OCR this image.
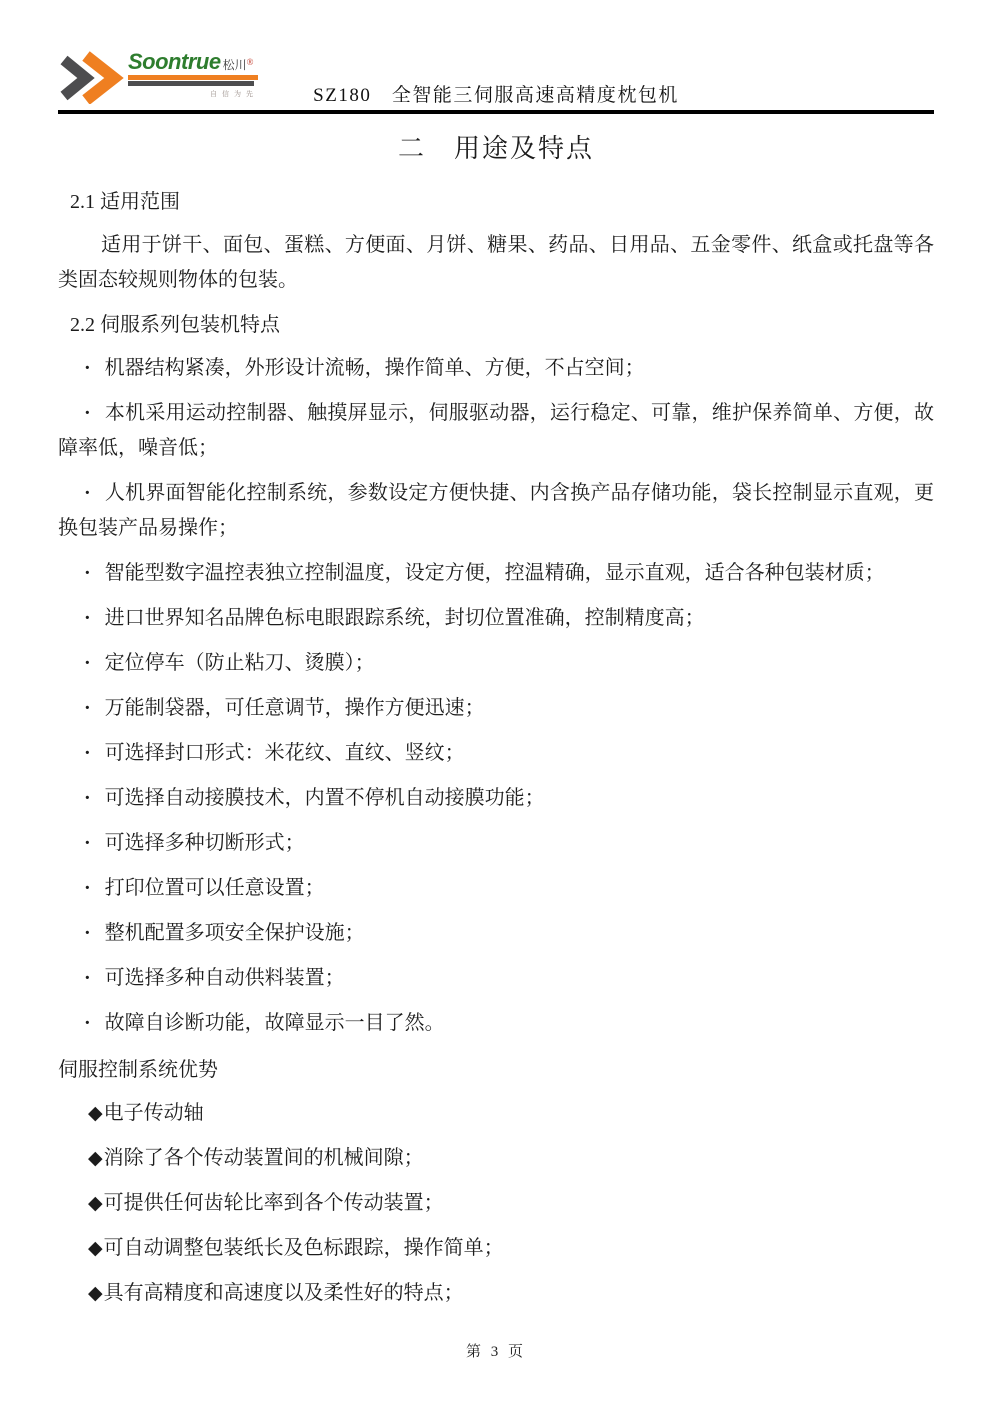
Soontrue 松川®
自信为先	SZ180　全智能三伺服高速高精度枕包机
二　用途及特点
2.1 适用范围

适用于饼干、面包、蛋糕、方便面、月饼、糖果、药品、日用品、五金零件、纸盒或托盘等各类固态较规则物体的包装。

2.2 伺服系列包装机特点
· 机器结构紧凑，外形设计流畅，操作简单、方便，不占空间；
· 本机采用运动控制器、触摸屏显示，伺服驱动器，运行稳定、可靠，维护保养简单、方便，故障率低，噪音低；
· 人机界面智能化控制系统，参数设定方便快捷、内含换产品存储功能，袋长控制显示直观，更换包装产品易操作；
· 智能型数字温控表独立控制温度，设定方便，控温精确，显示直观，适合各种包装材质；
· 进口世界知名品牌色标电眼跟踪系统，封切位置准确，控制精度高；
· 定位停车（防止粘刀、烫膜）；
· 万能制袋器，可任意调节，操作方便迅速；
· 可选择封口形式：米花纹、直纹、竖纹；
· 可选择自动接膜技术，内置不停机自动接膜功能；
· 可选择多种切断形式；
· 打印位置可以任意设置；
· 整机配置多项安全保护设施；
· 可选择多种自动供料装置；
· 故障自诊断功能，故障显示一目了然。
伺服控制系统优势
◆电子传动轴
◆消除了各个传动装置间的机械间隙；
◆可提供任何齿轮比率到各个传动装置；
◆可自动调整包装纸长及色标跟踪，操作简单；
◆具有高精度和高速度以及柔性好的特点；
第 3 页
